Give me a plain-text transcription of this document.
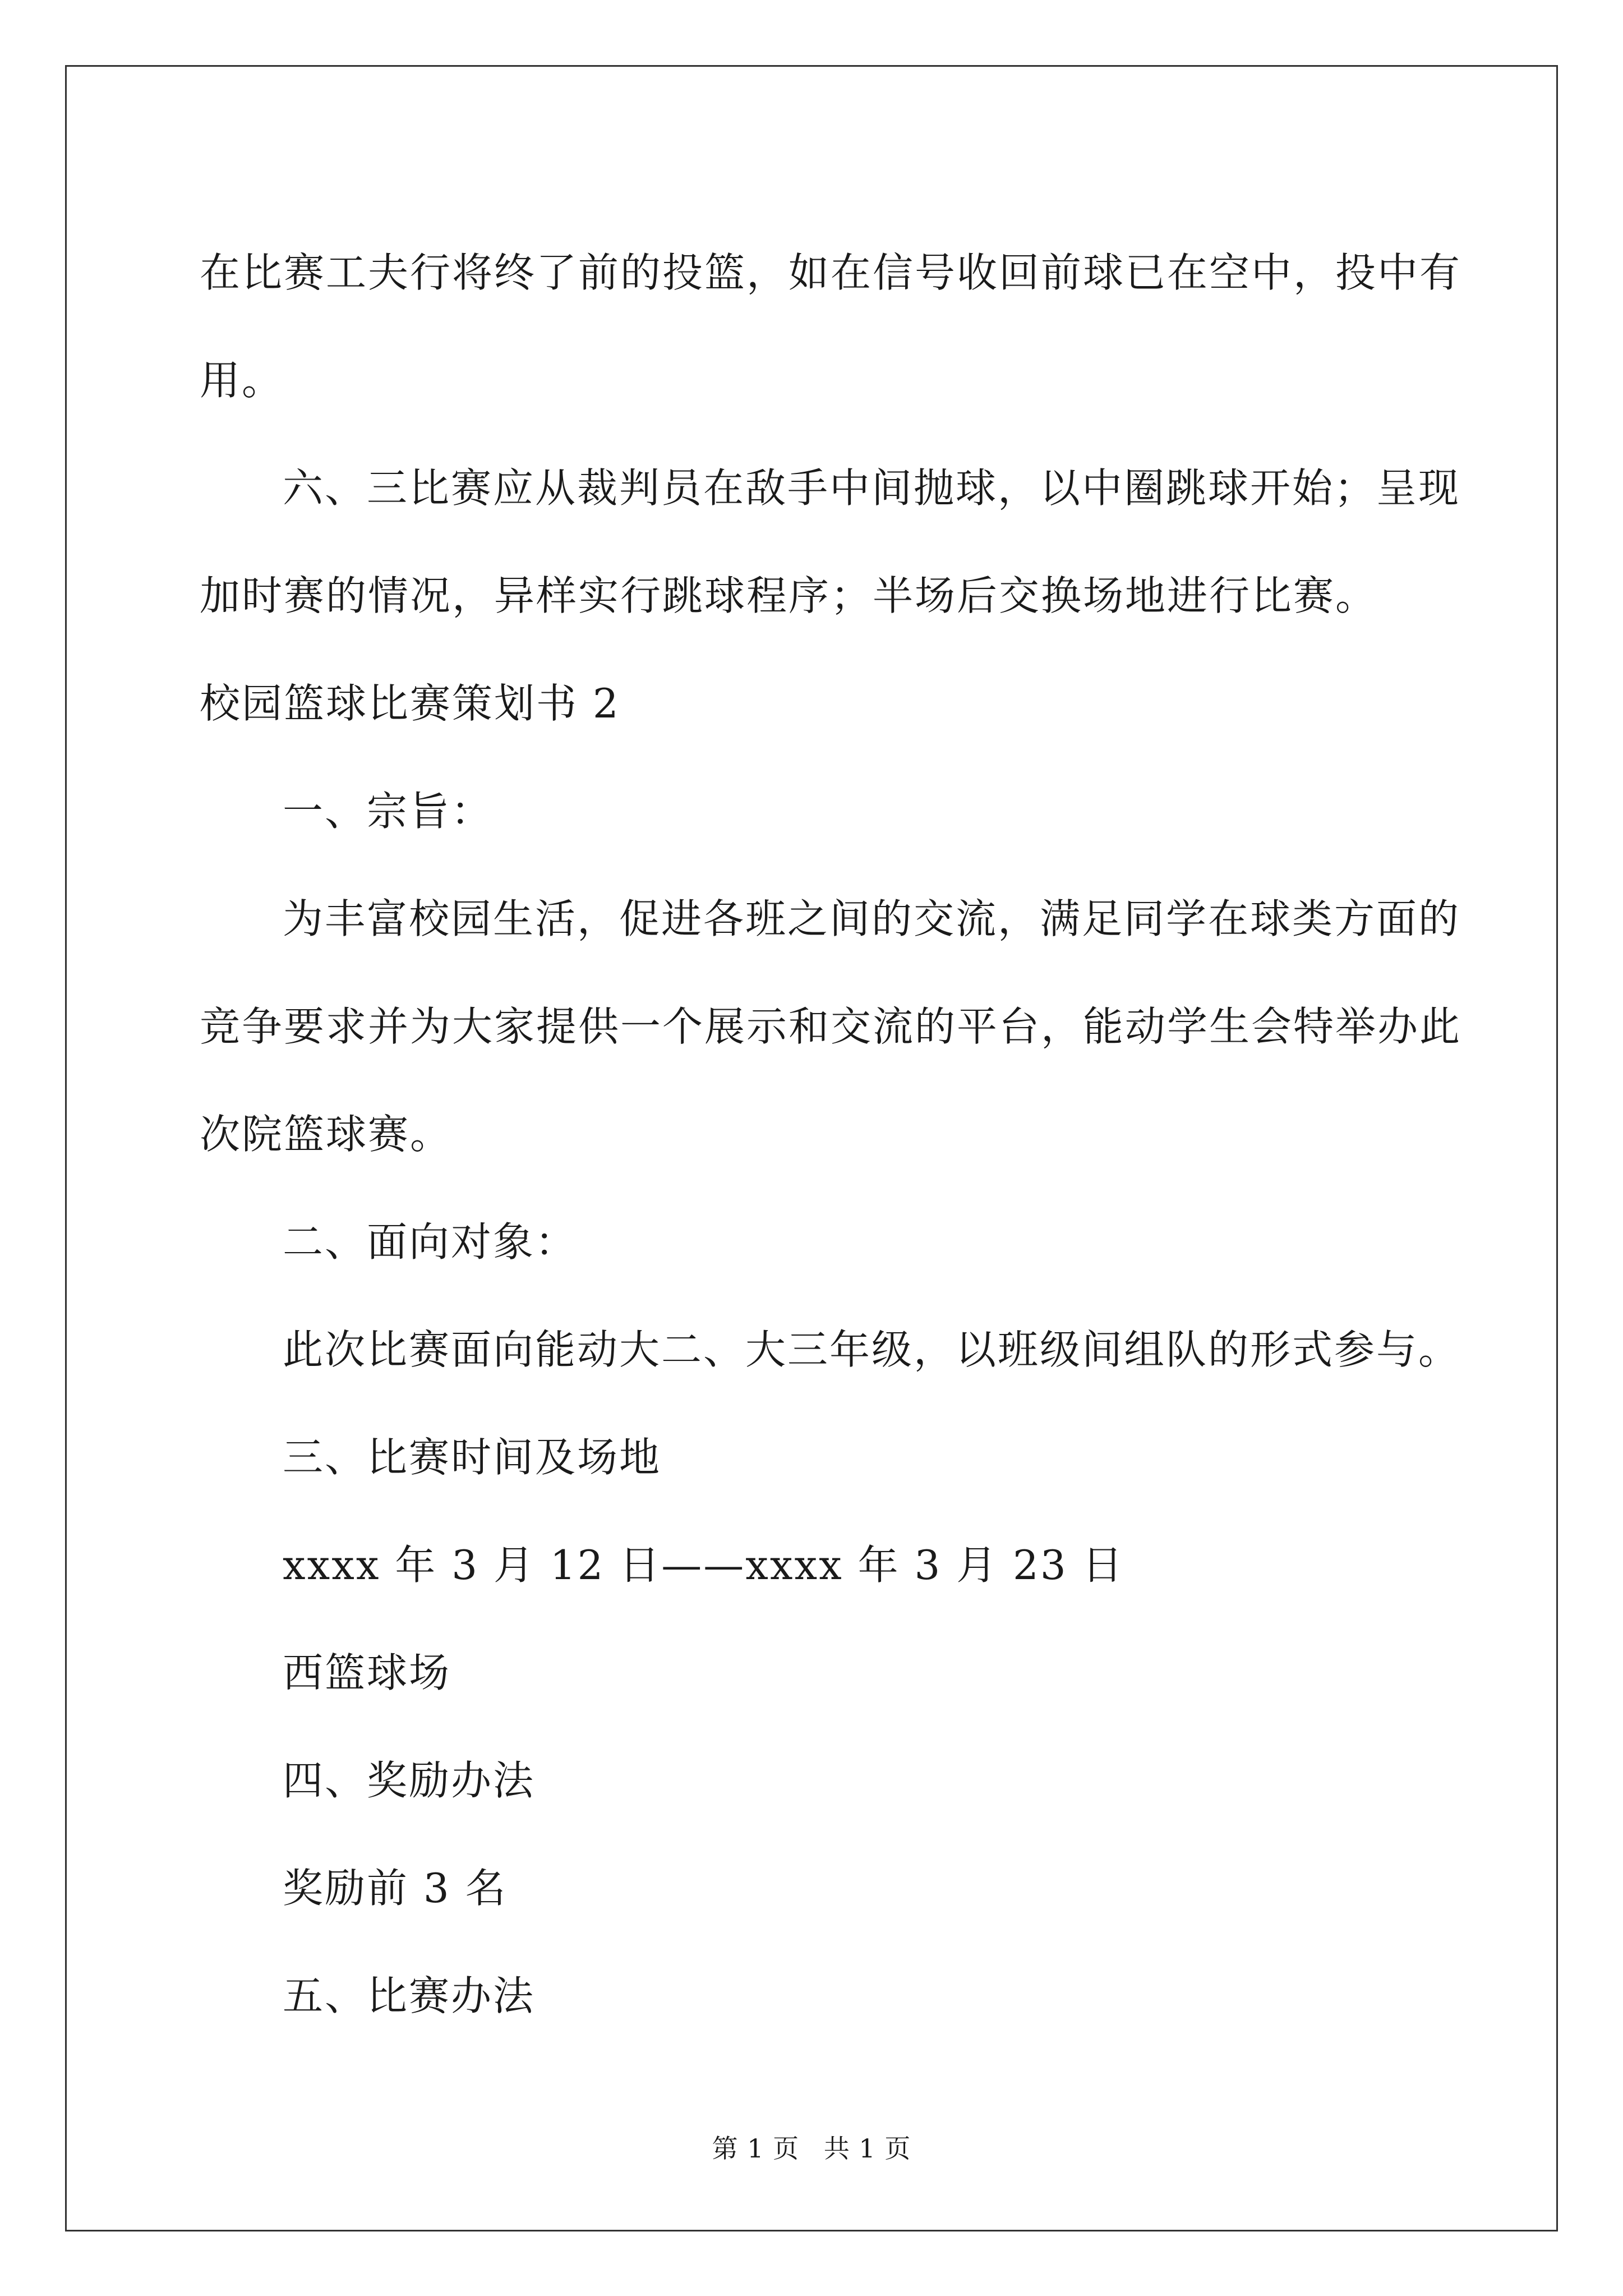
在比赛工夫行将终了前的投篮，如在信号收回前球已在空中，投中有

用。

六、三比赛应从裁判员在敌手中间抛球，以中圈跳球开始；呈现

加时赛的情况，异样实行跳球程序；半场后交换场地进行比赛。

校园篮球比赛策划书 2

一、宗旨：

为丰富校园生活，促进各班之间的交流，满足同学在球类方面的

竞争要求并为大家提供一个展示和交流的平台，能动学生会特举办此

次院篮球赛。

二、面向对象：

此次比赛面向能动大二、大三年级，以班级间组队的形式参与。

三、比赛时间及场地

xxxx 年 3 月 12 日——xxxx 年 3 月 23 日

西篮球场

四、奖励办法

奖励前 3 名

五、比赛办法

第 1 页 共 1 页
